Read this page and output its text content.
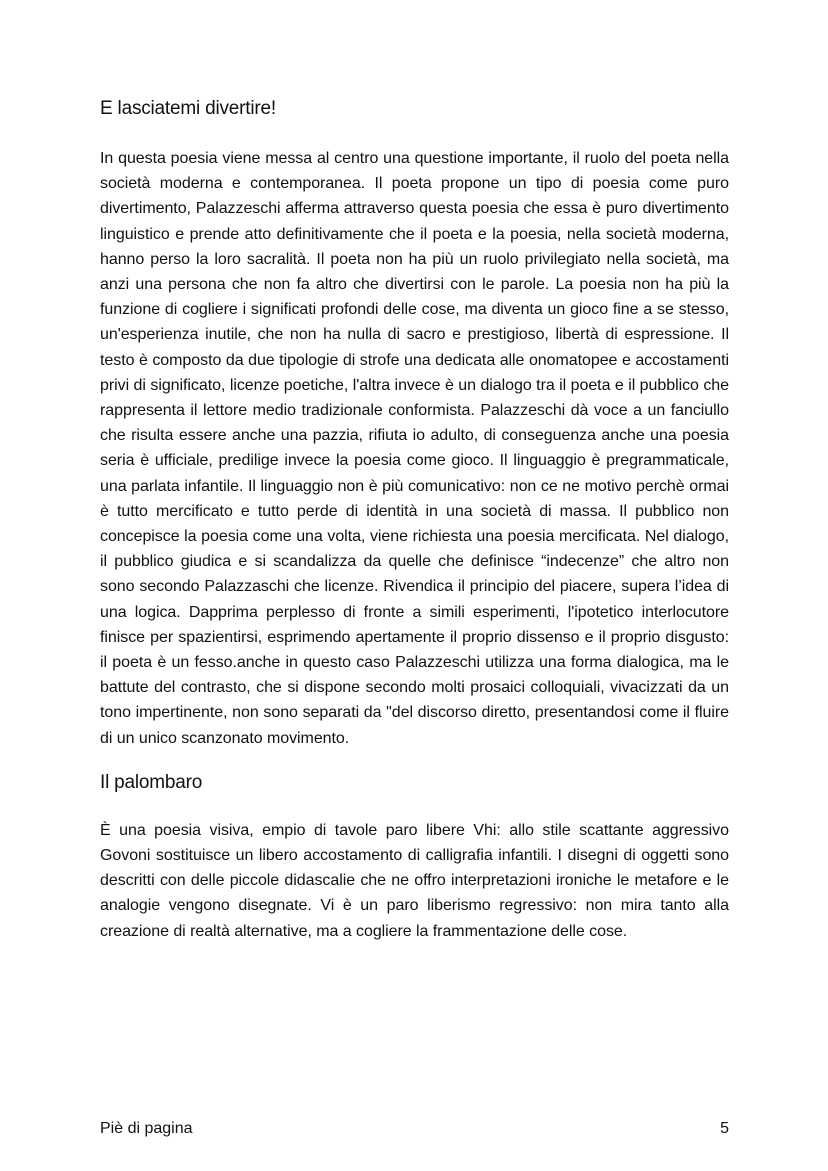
E lasciatemi divertire!

In questa poesia viene messa al centro una questione importante, il ruolo del poeta nella società moderna e contemporanea. Il poeta propone un tipo di poesia come puro divertimento, Palazzeschi afferma attraverso questa poesia che essa è puro divertimento linguistico e prende atto definitivamente che il poeta e la poesia, nella società moderna, hanno perso la loro sacralità. Il poeta non ha più un ruolo privilegiato nella società, ma anzi una persona che non fa altro che divertirsi con le parole. La poesia non ha più la funzione di cogliere i significati profondi delle cose, ma diventa un gioco fine a se stesso, un'esperienza inutile, che non ha nulla di sacro e prestigioso, libertà di espressione. Il testo è composto da due tipologie di strofe una dedicata alle onomatopee e accostamenti privi di significato, licenze poetiche, l'altra invece è un dialogo tra il poeta e il pubblico che rappresenta il lettore medio tradizionale conformista. Palazzeschi dà voce a un fanciullo che risulta essere anche una pazzia, rifiuta io adulto, di conseguenza anche una poesia seria è ufficiale, predilige invece la poesia come gioco. Il linguaggio è pregrammaticale, una parlata infantile. Il linguaggio non è più comunicativo: non ce ne motivo perchè ormai è tutto mercificato e tutto perde di identità in una società di massa. Il pubblico non concepisce la poesia come una volta, viene richiesta una poesia mercificata. Nel dialogo, il pubblico giudica e si scandalizza da quelle che definisce “indecenze” che altro non sono secondo Palazzaschi che licenze. Rivendica il principio del piacere, supera l’idea di una logica. Dapprima perplesso di fronte a simili esperimenti, l'ipotetico interlocutore finisce per spazientirsi, esprimendo apertamente il proprio dissenso e il proprio disgusto: il poeta è un fesso.anche in questo caso Palazzeschi utilizza una forma dialogica, ma le battute del contrasto, che si dispone secondo molti prosaici colloquiali, vivacizzati da un tono impertinente, non sono separati da "del discorso diretto, presentandosi come il fluire di un unico scanzonato movimento.

Il palombaro

È una poesia visiva, empio di tavole paro libere Vhi: allo stile scattante aggressivo Govoni sostituisce un libero accostamento di calligrafia infantili. I disegni di oggetti sono descritti con delle piccole didascalie che ne offro interpretazioni ironiche le metafore e le analogie vengono disegnate. Vi è un paro liberismo regressivo: non mira tanto alla creazione di realtà alternative, ma a cogliere la frammentazione delle cose.

Piè di pagina	5
